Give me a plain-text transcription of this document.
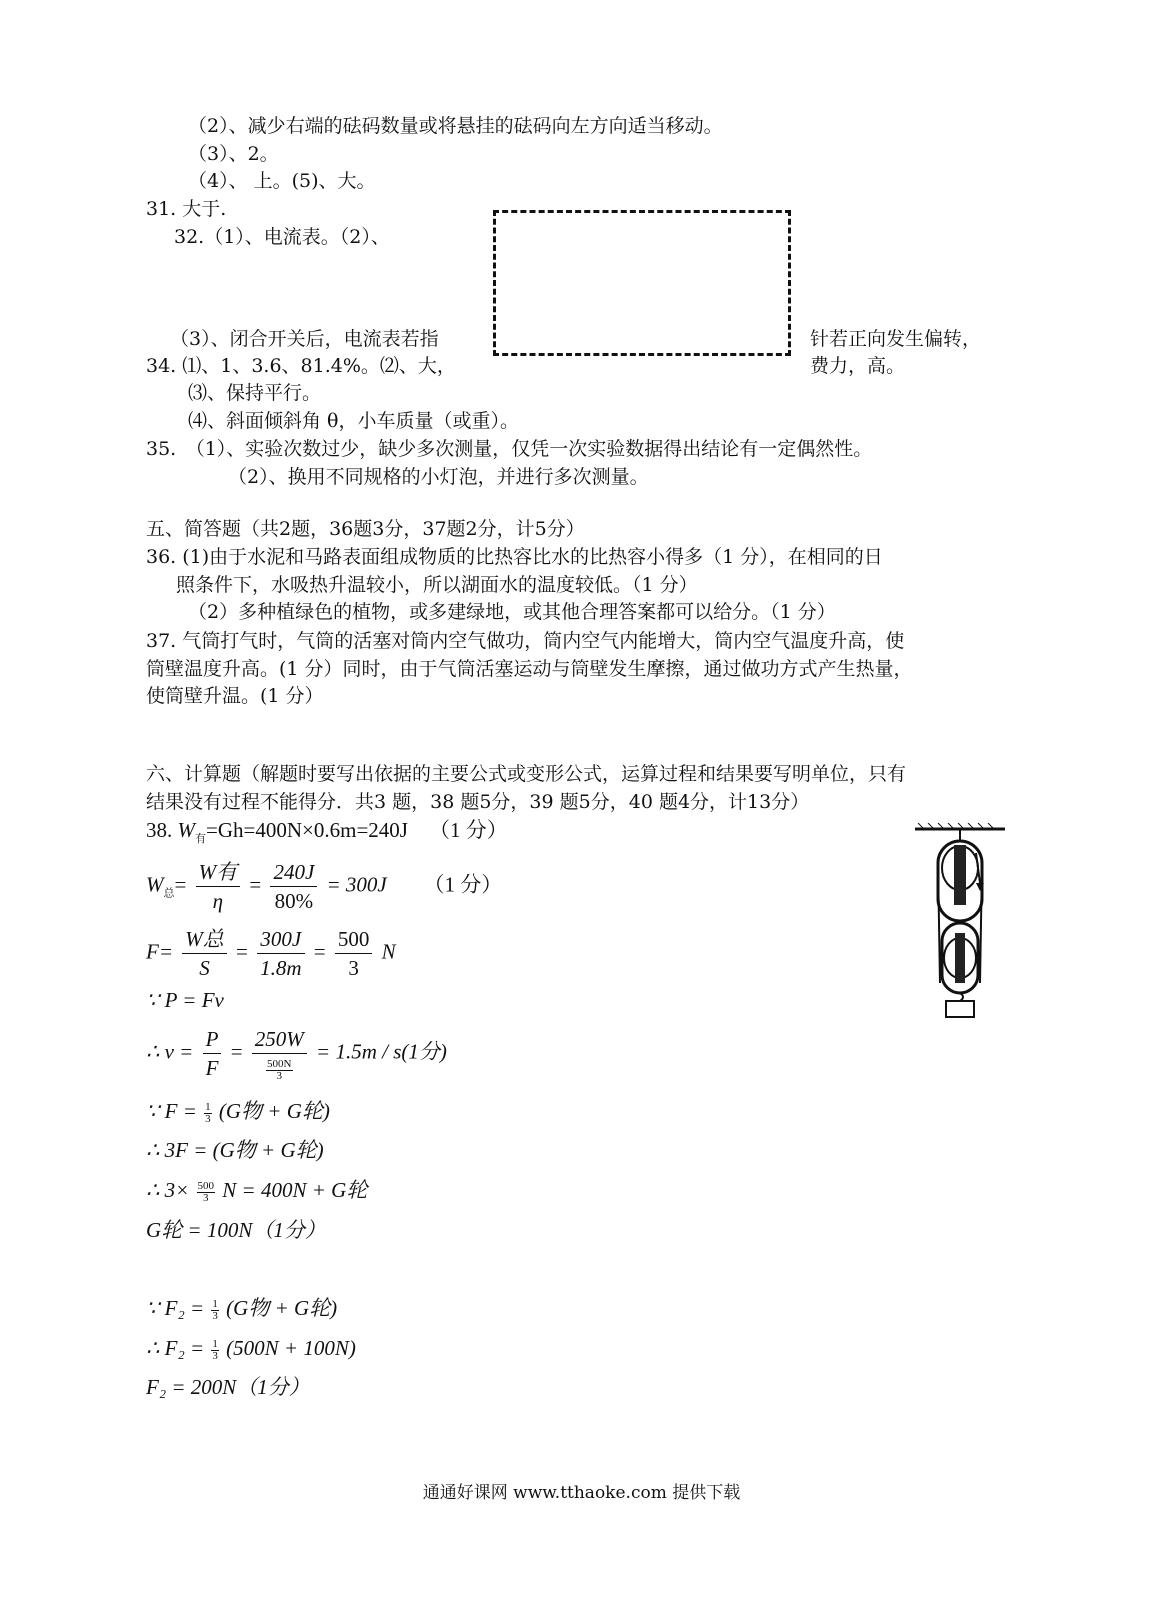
（2）、减少右端的砝码数量或将悬挂的砝码向左方向适当移动。
（3）、2。
（4）、 上。(5)、大。
31. 大于.
32.（1）、电流表。（2）、
（3）、闭合开关后，电流表若指	针若正向发生偏转，
34. ⑴、1、3.6、81.4%。⑵、大，	费力，高。
⑶、保持平行。
⑷、斜面倾斜角 θ，小车质量（或重）。
35.　（1）、实验次数过少，缺少多次测量，仅凭一次实验数据得出结论有一定偶然性。
（2）、换用不同规格的小灯泡，并进行多次测量。
五、简答题（共2题，36题3分，37题2分，计5分）
36. (1)由于水泥和马路表面组成物质的比热容比水的比热容小得多（1 分），在相同的日
照条件下，水吸热升温较小，所以湖面水的温度较低。（1 分）
（2）多种植绿色的植物，或多建绿地，或其他合理答案都可以给分。（1 分）
37. 气筒打气时，气筒的活塞对筒内空气做功，筒内空气内能增大，筒内空气温度升高，使
筒壁温度升高。(1 分）同时，由于气筒活塞运动与筒壁发生摩擦，通过做功方式产生热量，
使筒壁升温。(1 分）
六、计算题（解题时要写出依据的主要公式或变形公式，运算过程和结果要写明单位，只有
结果没有过程不能得分．共3 题，38 题5分，39 题5分，40 题4分，计13分）
38. $W_有=Gh=400N\times 0.6m=240J$ （1 分）
$W_总= \frac{\text{W有}}{\eta} = \frac{240J}{80\%} = 300J$ （1 分）
$F= \frac{\text{W总}}{S} = \frac{300J}{1.8m} = \frac{500}{3}$ N
∵ P = Fv
∴ $v = \frac{P}{F} = \frac{250W}{\frac{500N}{3}} = 1.5m / s(1$分)
∵ $F = \frac{1}{3} (G$物 + G轮)
∴ 3F = (G物 + G轮)
∴ $3\times \frac{500}{3}$ N = 400N + G轮
G轮 = 100N（1分）
∵ $F_2 = \frac{1}{3} (G$物 + G轮)
∴ $F_2 = \frac{1}{3} (500N + 100N)$
F₂ = 200N（1分）
通通好课网 www.tthaoke.com 提供下载
